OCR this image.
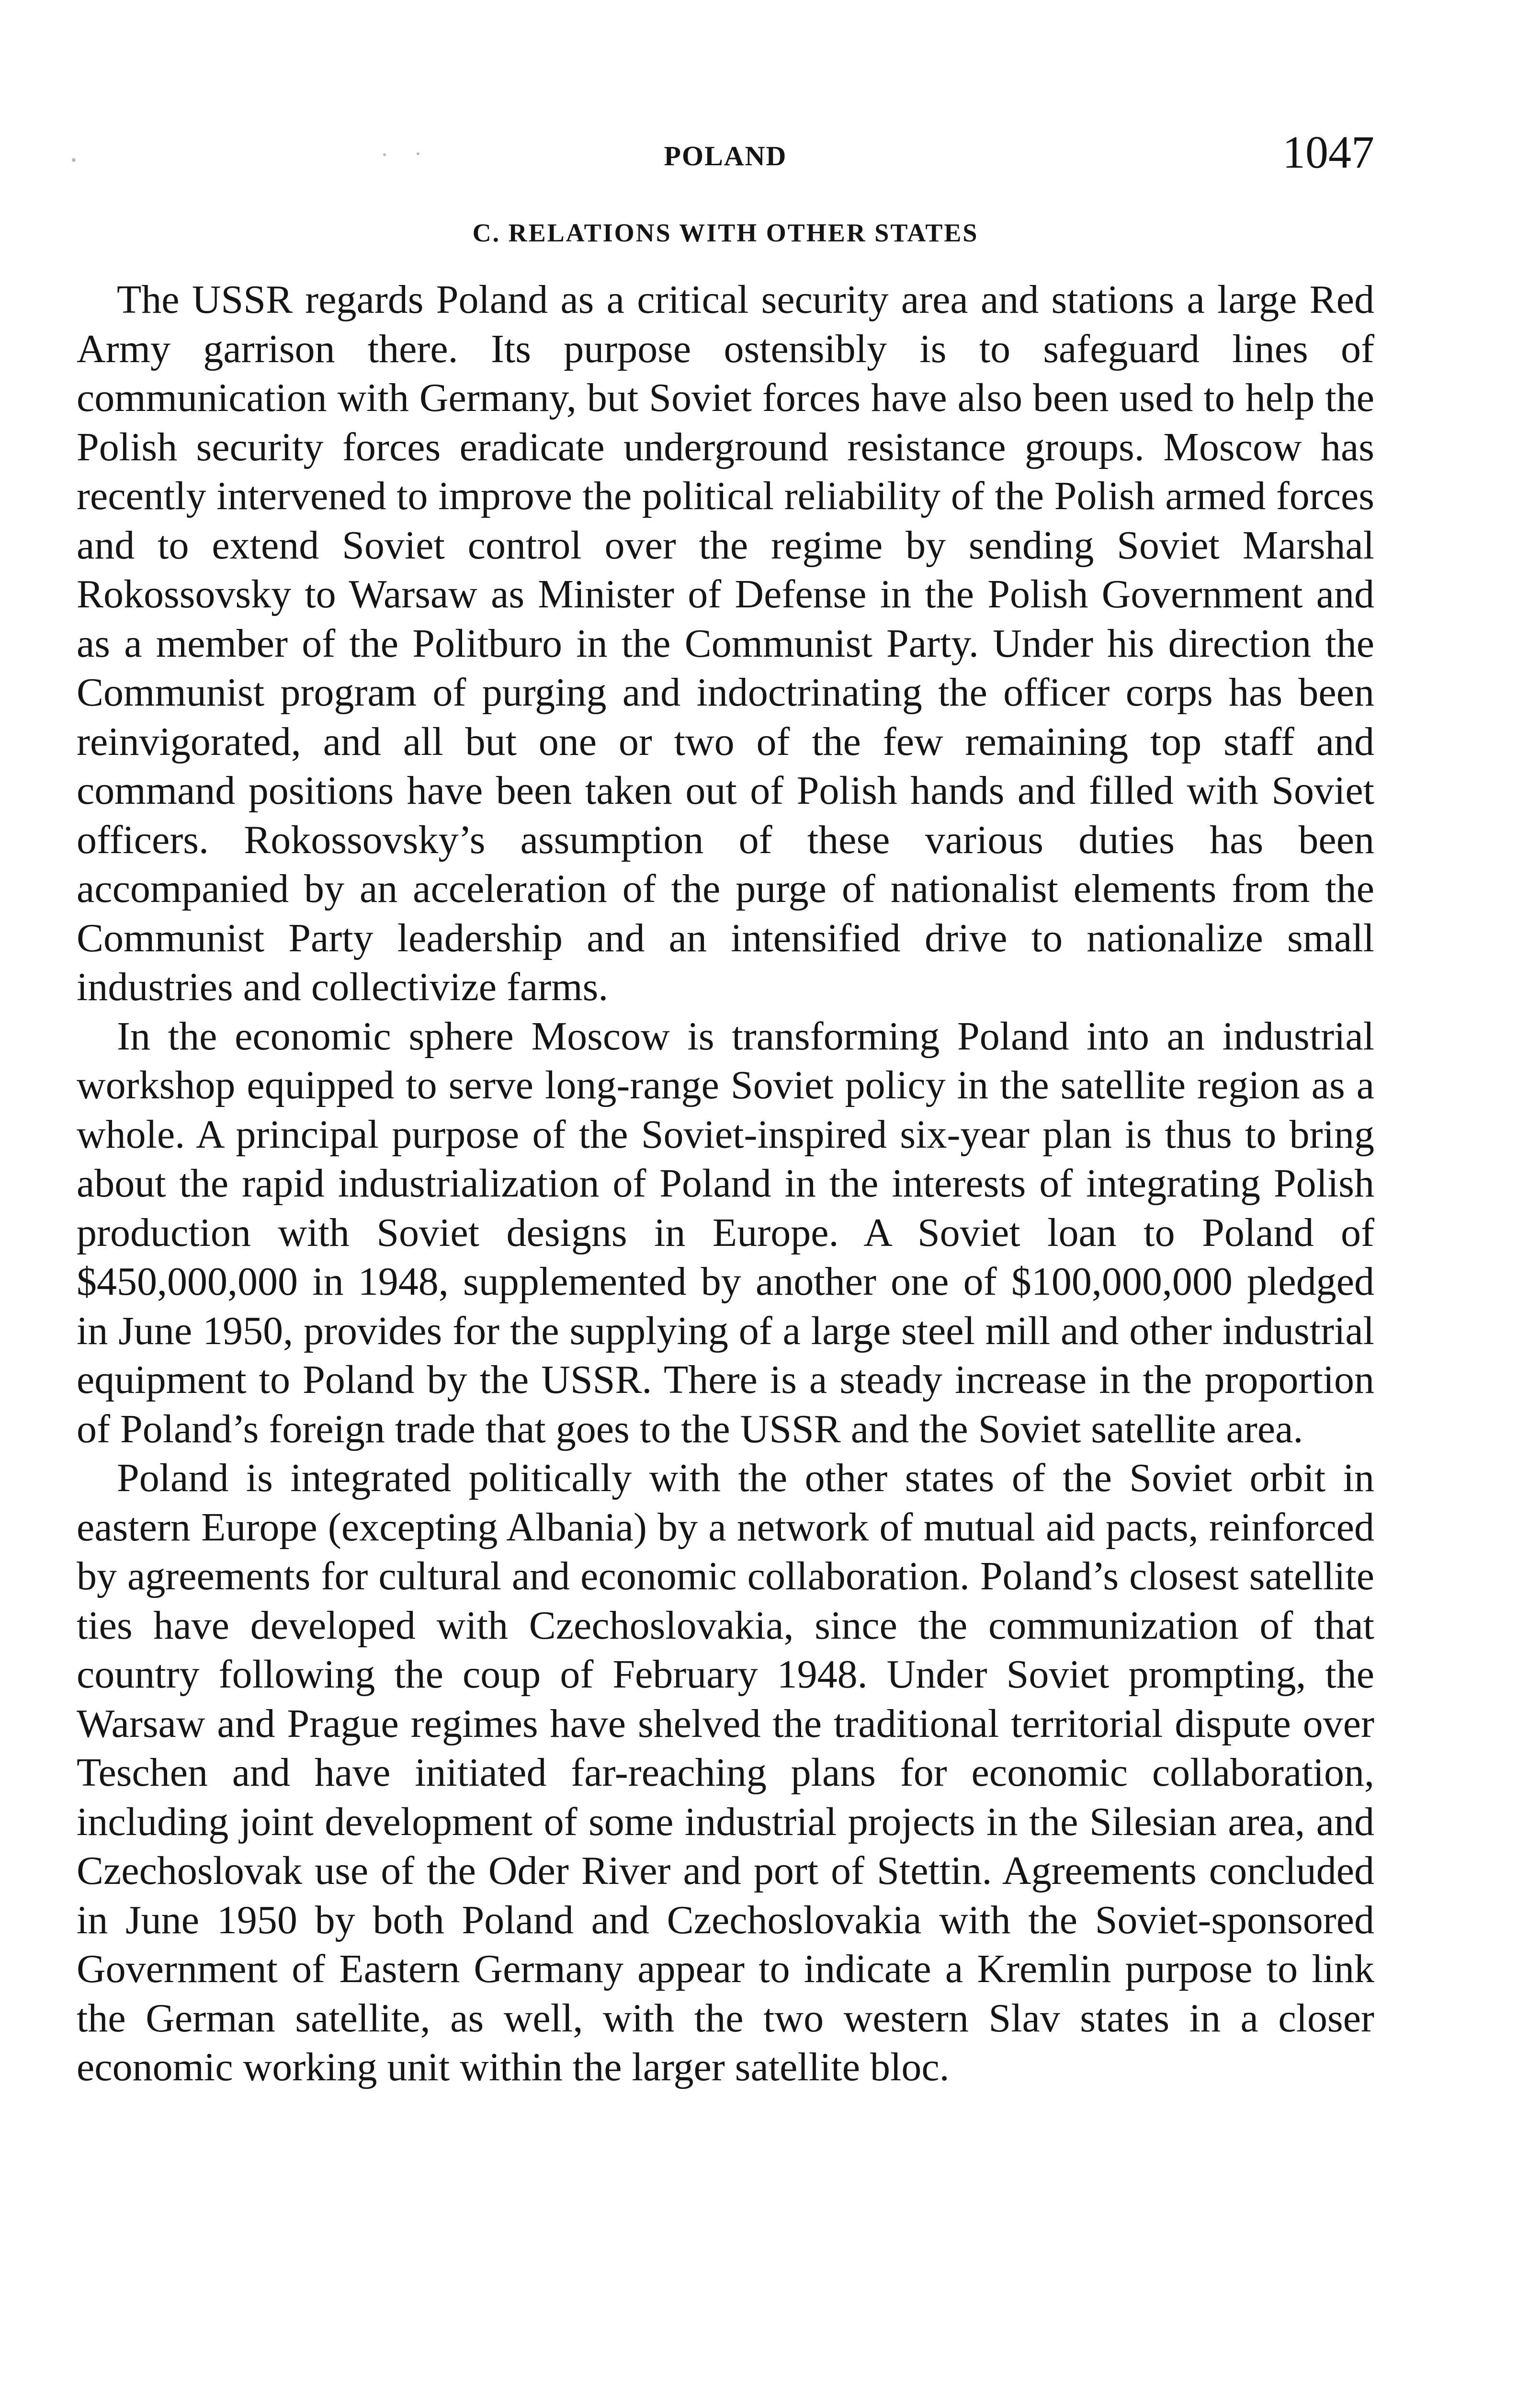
POLAND	1047
C. RELATIONS WITH OTHER STATES

The USSR regards Poland as a critical security area and stations a large Red Army garrison there. Its purpose ostensibly is to safeguard lines of communication with Germany, but Soviet forces have also been used to help the Polish security forces eradicate underground resistance groups. Moscow has recently intervened to improve the political reliability of the Polish armed forces and to extend Soviet control over the regime by sending Soviet Marshal Rokossovsky to Warsaw as Minister of Defense in the Polish Government and as a member of the Politburo in the Communist Party. Under his direction the Communist program of purging and indoctrinating the officer corps has been reinvigorated, and all but one or two of the few remaining top staff and command positions have been taken out of Polish hands and filled with Soviet officers. Rokossovsky’s assumption of these various duties has been accompanied by an acceleration of the purge of nationalist elements from the Communist Party leadership and an intensified drive to nationalize small industries and collectivize farms.

In the economic sphere Moscow is transforming Poland into an industrial workshop equipped to serve long-range Soviet policy in the satellite region as a whole. A principal purpose of the Soviet-inspired six-year plan is thus to bring about the rapid industrialization of Poland in the interests of integrating Polish production with Soviet designs in Europe. A Soviet loan to Poland of $450,000,000 in 1948, supplemented by another one of $100,000,000 pledged in June 1950, provides for the supplying of a large steel mill and other industrial equipment to Poland by the USSR. There is a steady increase in the proportion of Poland’s foreign trade that goes to the USSR and the Soviet satellite area.

Poland is integrated politically with the other states of the Soviet orbit in eastern Europe (excepting Albania) by a network of mutual aid pacts, reinforced by agreements for cultural and economic collaboration. Poland’s closest satellite ties have developed with Czechoslovakia, since the communization of that country following the coup of February 1948. Under Soviet prompting, the Warsaw and Prague regimes have shelved the traditional territorial dispute over Teschen and have initiated far-reaching plans for economic collaboration, including joint development of some industrial projects in the Silesian area, and Czechoslovak use of the Oder River and port of Stettin. Agreements concluded in June 1950 by both Poland and Czechoslovakia with the Soviet-sponsored Government of Eastern Germany appear to indicate a Kremlin purpose to link the German satellite, as well, with the two western Slav states in a closer economic working unit within the larger satellite bloc.
